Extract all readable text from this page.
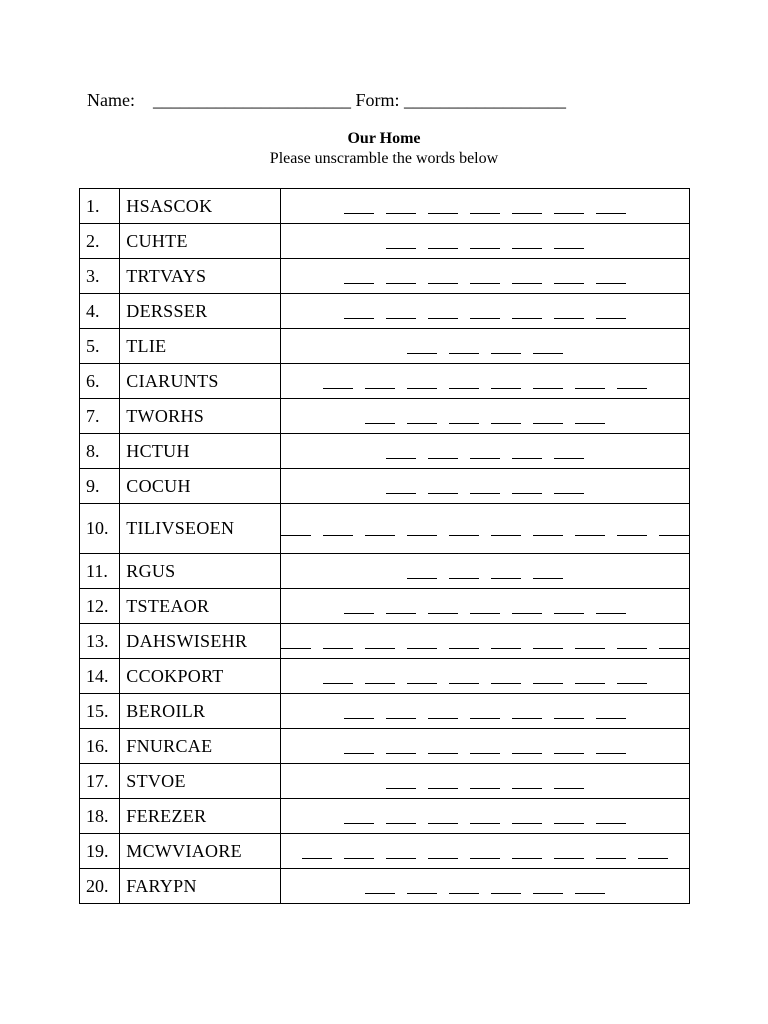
Name: ______________________ Form: __________________
Our Home
Please unscramble the words below
1.	HSASCOK	

2.	CUHTE	

3.	TRTVAYS	

4.	DERSSER	

5.	TLIE	

6.	CIARUNTS	

7.	TWORHS	

8.	HCTUH	

9.	COCUH	

10.	TILIVSEOEN	

11.	RGUS	

12.	TSTEAOR	

13.	DAHSWISEHR	

14.	CCOKPORT	

15.	BEROILR	

16.	FNURCAE	

17.	STVOE	

18.	FEREZER	

19.	MCWVIAORE	

20.	FARYPN	
